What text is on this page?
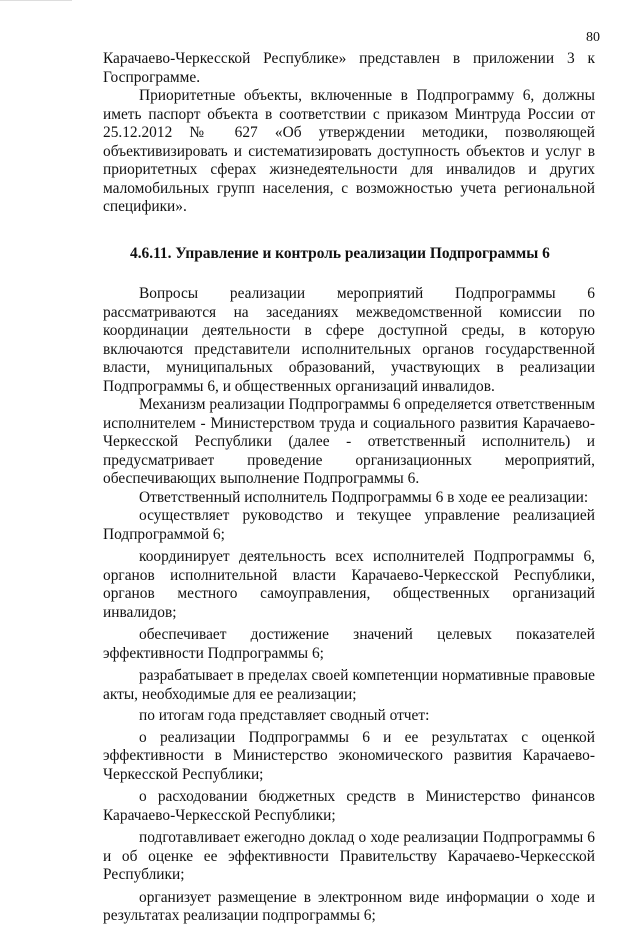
80

Карачаево-Черкесской Республике» представлен в приложении 3 к Госпрограмме.

Приоритетные объекты, включенные в Подпрограмму 6, должны иметь паспорт объекта в соответствии с приказом Минтруда России от 25.12.2012 № 627 «Об утверждении методики, позволяющей объективизировать и систематизировать доступность объектов и услуг в приоритетных сферах жизнедеятельности для инвалидов и других маломобильных групп населения, с возможностью учета региональной специфики».

4.6.11. Управление и контроль реализации Подпрограммы 6

Вопросы реализации мероприятий Подпрограммы 6 рассматриваются на заседаниях межведомственной комиссии по координации деятельности в сфере доступной среды, в которую включаются представители исполнительных органов государственной власти, муниципальных образований, участвующих в реализации Подпрограммы 6, и общественных организаций инвалидов.

Механизм реализации Подпрограммы 6 определяется ответственным исполнителем - Министерством труда и социального развития Карачаево-Черкесской Республики (далее - ответственный исполнитель) и предусматривает проведение организационных мероприятий, обеспечивающих выполнение Подпрограммы 6.

Ответственный исполнитель Подпрограммы 6 в ходе ее реализации:

осуществляет руководство и текущее управление реализацией Подпрограммой 6;

координирует деятельность всех исполнителей Подпрограммы 6, органов исполнительной власти Карачаево-Черкесской Республики, органов местного самоуправления, общественных организаций инвалидов;

обеспечивает достижение значений целевых показателей эффективности Подпрограммы 6;

разрабатывает в пределах своей компетенции нормативные правовые акты, необходимые для ее реализации;

по итогам года представляет сводный отчет:

о реализации Подпрограммы 6 и ее результатах с оценкой эффективности в Министерство экономического развития Карачаево-Черкесской Республики;

о расходовании бюджетных средств в Министерство финансов Карачаево-Черкесской Республики;

подготавливает ежегодно доклад о ходе реализации Подпрограммы 6 и об оценке ее эффективности Правительству Карачаево-Черкесской Республики;

организует размещение в электронном виде информации о ходе и результатах реализации подпрограммы 6;
